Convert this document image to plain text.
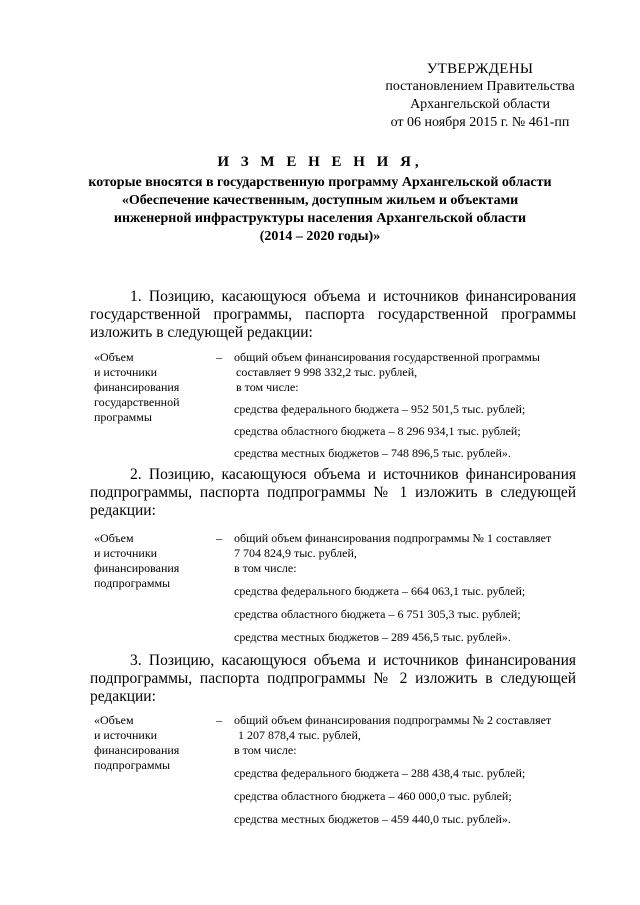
УТВЕРЖДЕНЫ
постановлением Правительства
Архангельской области
от 06 ноября 2015 г. № 461-пп
И З М Е Н Е Н И Я,
которые вносятся в государственную программу Архангельской области
«Обеспечение качественным, доступным жильем и объектами
инженерной инфраструктуры населения Архангельской области
(2014 – 2020 годы)»
1. Позицию, касающуюся объема и источников финансирования государственной программы, паспорта государственной программы изложить в следующей редакции:
«Объем
и источники
финансирования
государственной
программы
–	общий объем финансирования государственной программы
составляет 9 998 332,2 тыс. рублей,
в том числе:
средства федерального бюджета – 952 501,5 тыс. рублей;
средства областного бюджета – 8 296 934,1 тыс. рублей;
средства местных бюджетов – 748 896,5 тыс. рублей».
2. Позицию, касающуюся объема и источников финансирования подпрограммы, паспорта подпрограммы № 1 изложить в следующей редакции:
«Объем
и источники
финансирования
подпрограммы
–	общий объем финансирования подпрограммы № 1 составляет
7 704 824,9 тыс. рублей,
в том числе:
средства федерального бюджета – 664 063,1 тыс. рублей;
средства областного бюджета – 6 751 305,3 тыс. рублей;
средства местных бюджетов – 289 456,5 тыс. рублей».
3. Позицию, касающуюся объема и источников финансирования подпрограммы, паспорта подпрограммы № 2 изложить в следующей редакции:
«Объем
и источники
финансирования
подпрограммы
–	общий объем финансирования подпрограммы № 2 составляет
1 207 878,4 тыс. рублей,
в том числе:
средства федерального бюджета – 288 438,4 тыс. рублей;
средства областного бюджета – 460 000,0 тыс. рублей;
средства местных бюджетов – 459 440,0 тыс. рублей».
